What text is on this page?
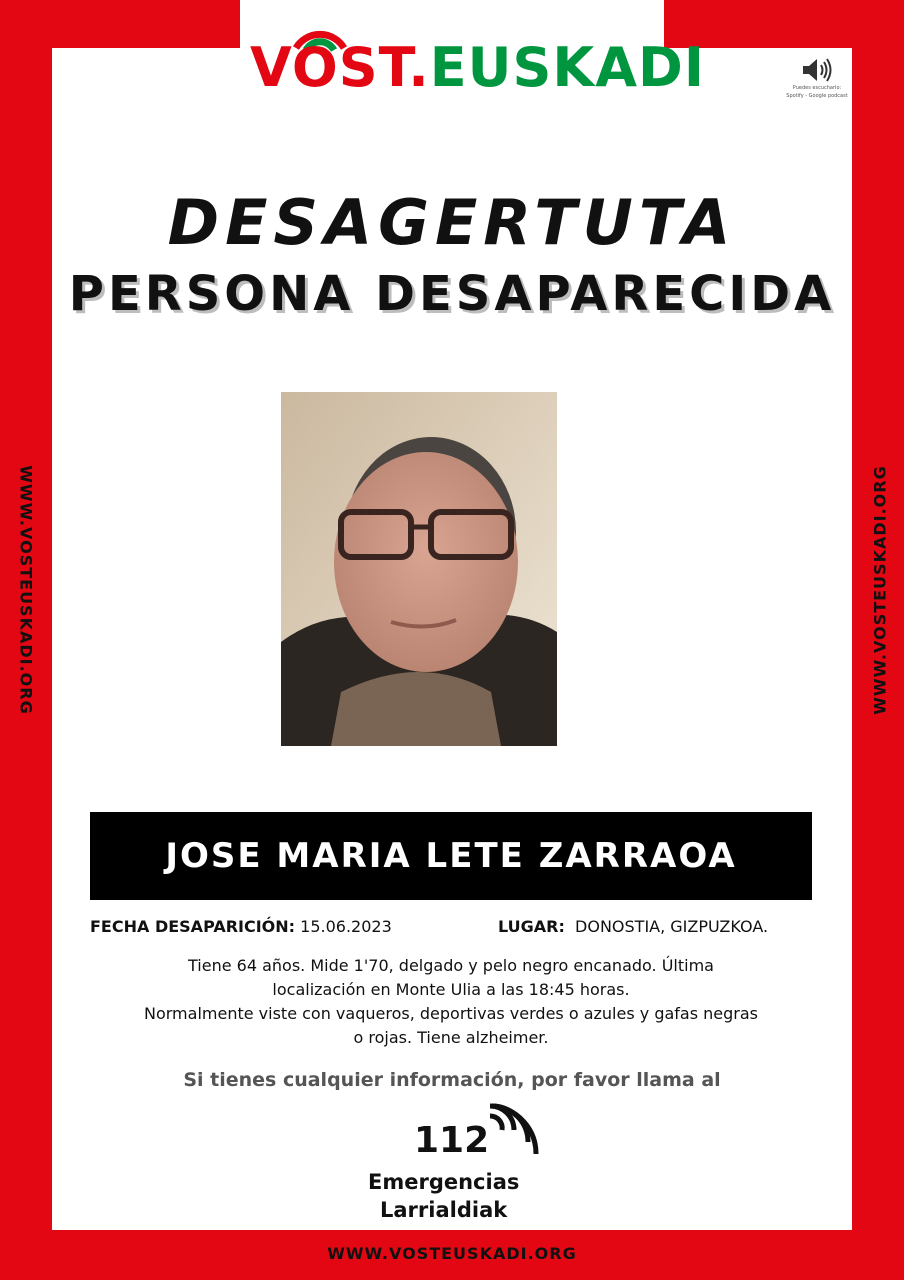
VOST.EUSKADI	Puedes escucharlo:
Spotify - Google podcast
DESAGERTUTA
PERSONA DESAPARECIDA
JOSE MARIA LETE ZARRAOA
FECHA DESAPARICIÓN: 15.06.2023	LUGAR: DONOSTIA, GIZPUZKOA.
Tiene 64 años. Mide 1'70, delgado y pelo negro encanado. Última
localización en Monte Ulia a las 18:45 horas.
Normalmente viste con vaqueros, deportivas verdes o azules y gafas negras
o rojas. Tiene alzheimer.
Si tienes cualquier información, por favor llama al
112
Emergencias
Larrialdiak
WWW.VOSTEUSKADI.ORG	WWW.VOSTEUSKADI.ORG
WWW.VOSTEUSKADI.ORG
